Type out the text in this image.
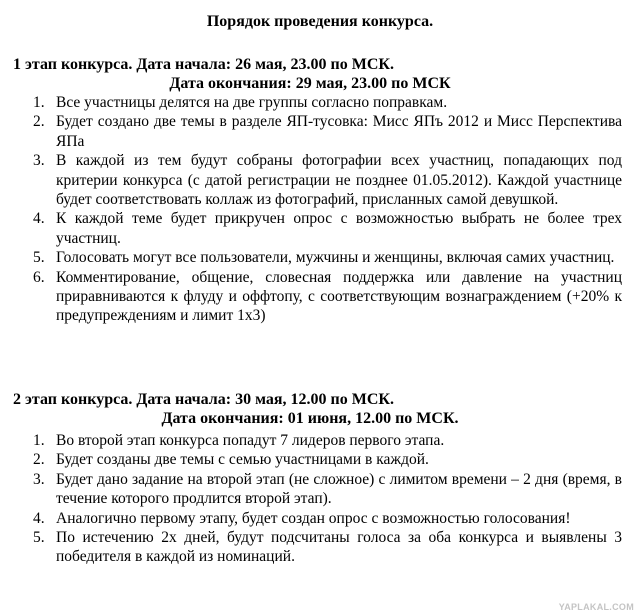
Порядок проведения конкурса.
1 этап конкурса. Дата начала: 26 мая, 23.00 по МСК.
Дата окончания: 29 мая, 23.00 по МСК
1. Все участницы делятся на две группы согласно поправкам.
2. Будет создано две темы в разделе ЯП-тусовка: Мисс ЯПъ 2012 и Мисс Перспектива ЯПа
3. В каждой из тем будут собраны фотографии всех участниц, попадающих под критерии конкурса (с датой регистрации не позднее 01.05.2012). Каждой участнице будет соответствовать коллаж из фотографий, присланных самой девушкой.
4. К каждой теме будет прикручен опрос с возможностью выбрать не более трех участниц.
5. Голосовать могут все пользователи, мужчины и женщины, включая самих участниц.
6. Комментирование, общение, словесная поддержка или давление на участниц приравниваются к флуду и оффтопу, с соответствующим вознаграждением (+20% к предупреждениям и лимит 1х3)
2 этап конкурса. Дата начала: 30 мая, 12.00 по МСК.
Дата окончания: 01 июня, 12.00 по МСК.
1. Во второй этап конкурса попадут 7 лидеров первого этапа.
2. Будет созданы две темы с семью участницами в каждой.
3. Будет дано задание на второй этап (не сложное) с лимитом времени – 2 дня (время, в течение которого продлится второй этап).
4. Аналогично первому этапу, будет создан опрос с возможностью голосования!
5. По истечению 2х дней, будут подсчитаны голоса за оба конкурса и выявлены 3 победителя в каждой из номинаций.
YAPLAKAL.COM
